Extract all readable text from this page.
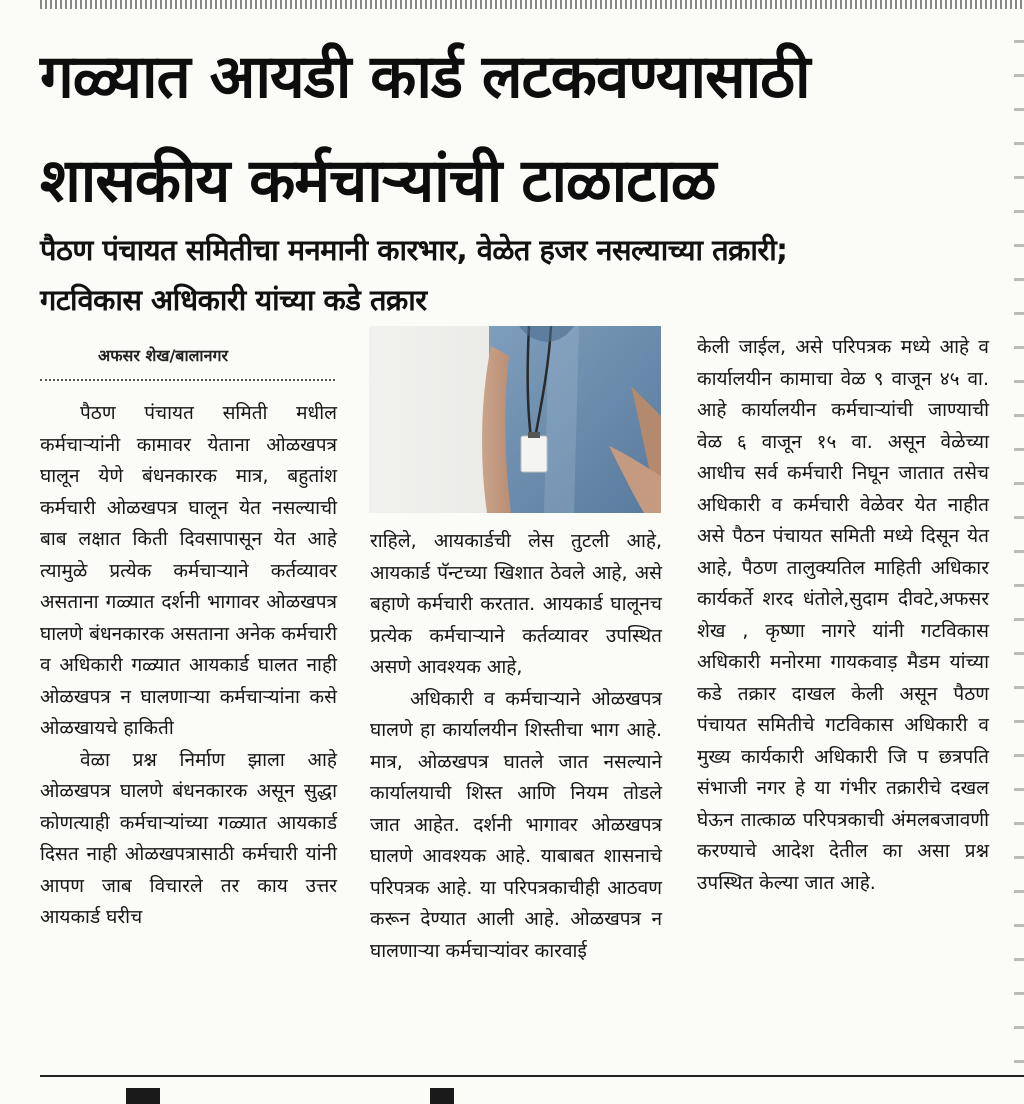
गळ्यात आयडी कार्ड लटकवण्यासाठी
शासकीय कर्मचाऱ्यांची टाळाटाळ
पैठण पंचायत समितीचा मनमानी कारभार, वेळेत हजर नसल्याच्या तक्रारी;
गटविकास अधिकारी यांच्या कडे तक्रार
अफसर शेख/बालानगर

पैठण पंचायत समिती मधील कर्मचाऱ्यांनी कामावर येताना ओळखपत्र घालून येणे बंधनकारक मात्र, बहुतांश कर्मचारी ओळखपत्र घालून येत नसल्याची बाब लक्षात किती दिवसापासून येत आहे त्यामुळे प्रत्येक कर्मचाऱ्याने कर्तव्यावर असताना गळ्यात दर्शनी भागावर ओळखपत्र घालणे बंधनकारक असताना अनेक कर्मचारी व अधिकारी गळ्यात आयकार्ड घालत नाही ओळखपत्र न घालणाऱ्या कर्मचाऱ्यांना कसे ओळखायचे हाकिती

वेळा प्रश्न निर्माण झाला आहे ओळखपत्र घालणे बंधनकारक असून सुद्धा कोणत्याही कर्मचाऱ्यांच्या गळ्यात आयकार्ड दिसत नाही ओळखपत्रासाठी कर्मचारी यांनी आपण जाब विचारले तर काय उत्तर आयकार्ड घरीच

राहिले, आयकार्डची लेस तुटली आहे, आयकार्ड पॅन्टच्या खिशात ठेवले आहे, असे बहाणे कर्मचारी करतात. आयकार्ड घालूनच प्रत्येक कर्मचाऱ्याने कर्तव्यावर उपस्थित असणे आवश्यक आहे,

अधिकारी व कर्मचाऱ्याने ओळखपत्र घालणे हा कार्यालयीन शिस्तीचा भाग आहे. मात्र, ओळखपत्र घातले जात नसल्याने कार्यालयाची शिस्त आणि नियम तोडले जात आहेत. दर्शनी भागावर ओळखपत्र घालणे आवश्यक आहे. याबाबत शासनाचे परिपत्रक आहे. या परिपत्रकाचीही आठवण करून देण्यात आली आहे. ओळखपत्र न घालणाऱ्या कर्मचाऱ्यांवर कारवाई

केली जाईल, असे परिपत्रक मध्ये आहे व कार्यालयीन कामाचा वेळ ९ वाजून ४५ वा. आहे कार्यालयीन कर्मचाऱ्यांची जाण्याची वेळ ६ वाजून १५ वा. असून वेळेच्या आधीच सर्व कर्मचारी निघून जातात तसेच अधिकारी व कर्मचारी वेळेवर येत नाहीत असे पैठन पंचायत समिती मध्ये दिसून येत आहे, पैठण तालुक्यतिल माहिती अधिकार कार्यकर्ते शरद धंतोले,सुदाम दीवटे,अफसर शेख , कृष्णा नागरे यांनी गटविकास अधिकारी मनोरमा गायकवाड़ मैडम यांच्या कडे तक्रार दाखल केली असून पैठण पंचायत समितीचे गटविकास अधिकारी व मुख्य कार्यकारी अधिकारी जि प छत्रपति संभाजी नगर हे या गंभीर तक्रारीचे दखल घेऊन तात्काळ परिपत्रकाची अंमलबजावणी करण्याचे आदेश देतील का असा प्रश्न उपस्थित केल्या जात आहे.
